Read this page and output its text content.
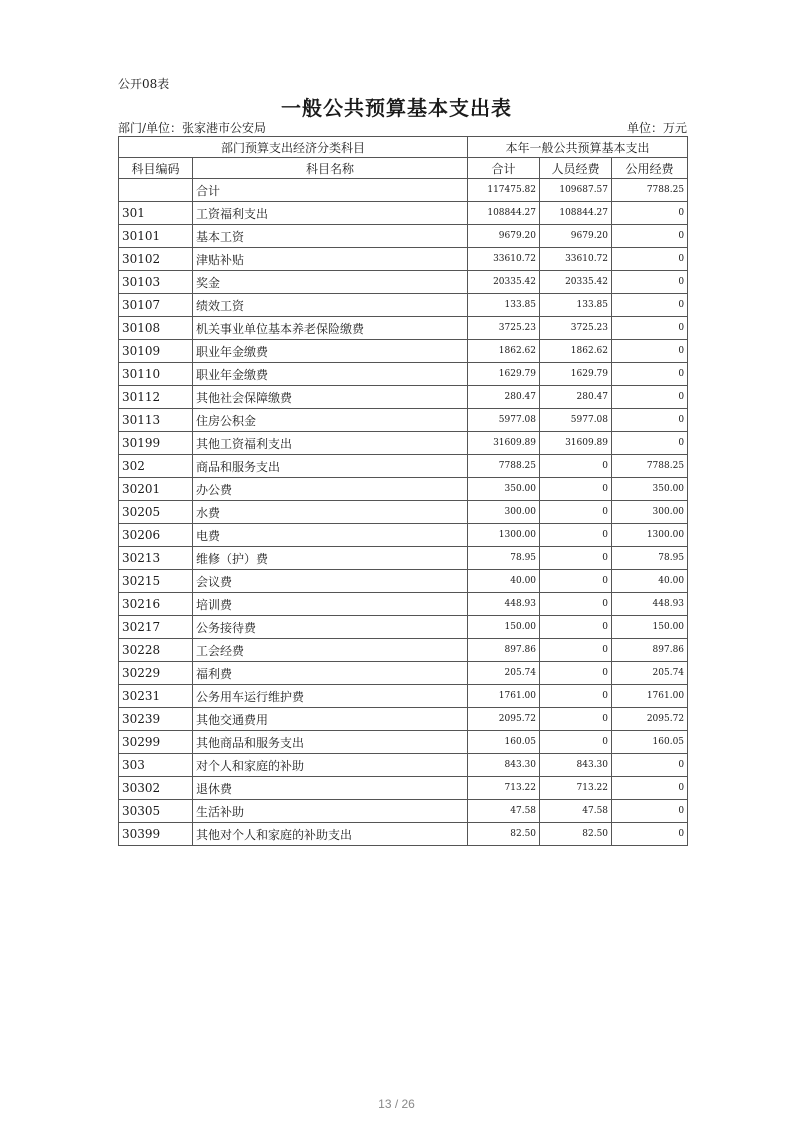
公开08表
一般公共预算基本支出表
部门/单位：张家港市公安局	单位：万元
部门预算支出经济分类科目		本年一般公共预算基本支出		
科目编码	科目名称	合计	人员经费	公用经费
	合计	117475.82	109687.57	7788.25
301	工资福利支出	108844.27	108844.27	0
30101	基本工资	9679.20	9679.20	0
30102	津贴补贴	33610.72	33610.72	0
30103	奖金	20335.42	20335.42	0
30107	绩效工资	133.85	133.85	0
30108	机关事业单位基本养老保险缴费	3725.23	3725.23	0
30109	职业年金缴费	1862.62	1862.62	0
30110	职业年金缴费	1629.79	1629.79	0
30112	其他社会保障缴费	280.47	280.47	0
30113	住房公积金	5977.08	5977.08	0
30199	其他工资福利支出	31609.89	31609.89	0
302	商品和服务支出	7788.25	0	7788.25
30201	办公费	350.00	0	350.00
30205	水费	300.00	0	300.00
30206	电费	1300.00	0	1300.00
30213	维修（护）费	78.95	0	78.95
30215	会议费	40.00	0	40.00
30216	培训费	448.93	0	448.93
30217	公务接待费	150.00	0	150.00
30228	工会经费	897.86	0	897.86
30229	福利费	205.74	0	205.74
30231	公务用车运行维护费	1761.00	0	1761.00
30239	其他交通费用	2095.72	0	2095.72
30299	其他商品和服务支出	160.05	0	160.05
303	对个人和家庭的补助	843.30	843.30	0
30302	退休费	713.22	713.22	0
30305	生活补助	47.58	47.58	0
30399	其他对个人和家庭的补助支出	82.50	82.50	0
13 / 26
